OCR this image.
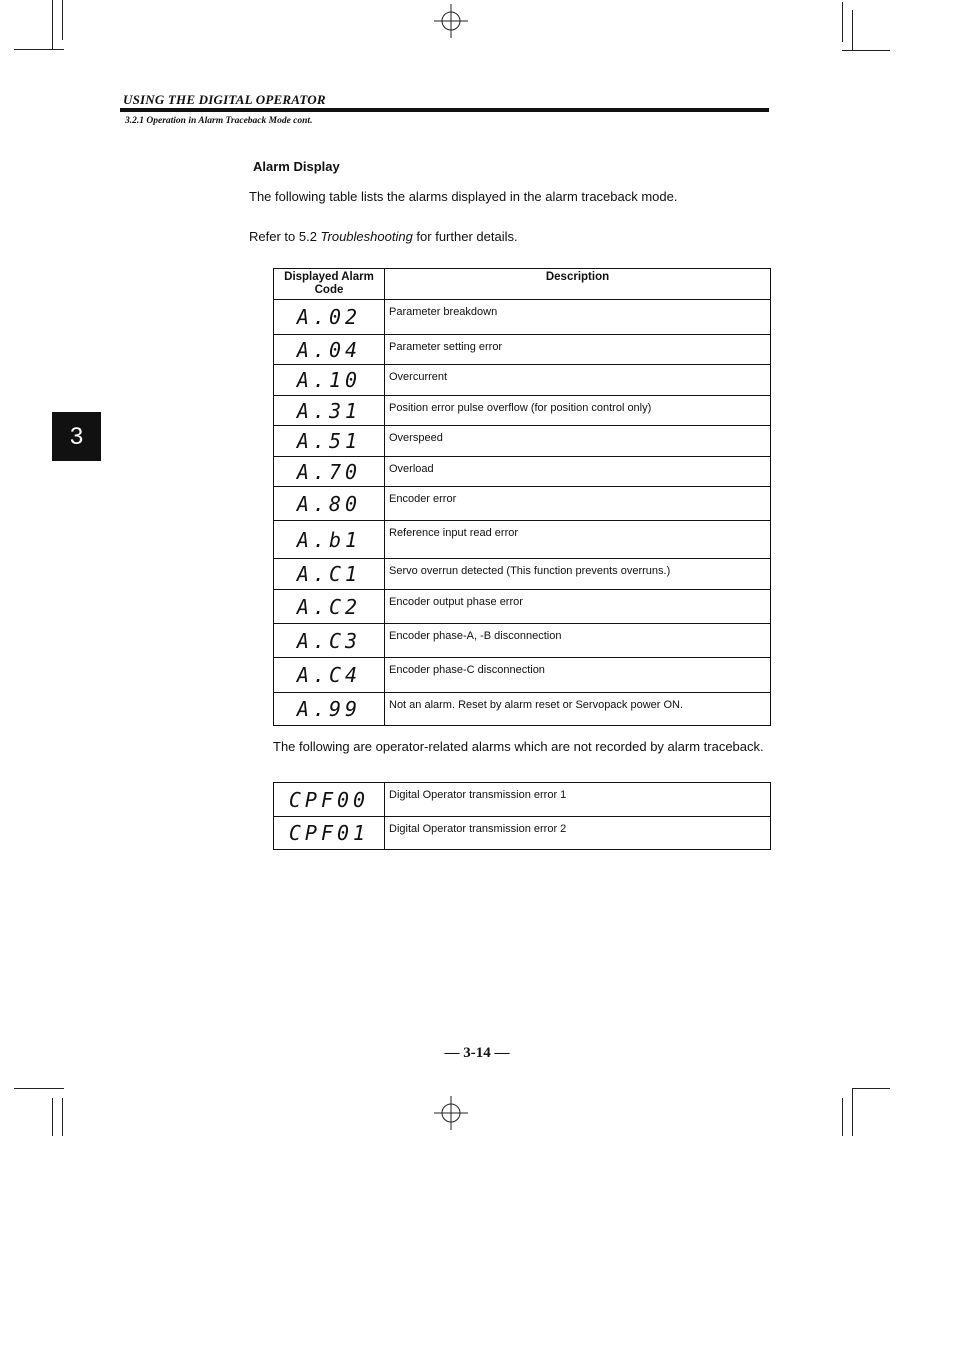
USING THE DIGITAL OPERATOR
3.2.1 Operation in Alarm Traceback Mode cont.
3
Alarm Display
The following table lists the alarms displayed in the alarm traceback mode.
Refer to 5.2 Troubleshooting for further details.
Displayed Alarm Code	Description
A.02	Parameter breakdown
A.04	Parameter setting error
A.10	Overcurrent
A.31	Position error pulse overflow (for position control only)
A.51	Overspeed
A.70	Overload
A.80	Encoder error
A.b1	Reference input read error
A.C1	Servo overrun detected (This function prevents overruns.)
A.C2	Encoder output phase error
A.C3	Encoder phase-A, -B disconnection
A.C4	Encoder phase-C disconnection
A.99	Not an alarm. Reset by alarm reset or Servopack power ON.
The following are operator-related alarms which are not recorded by alarm traceback.
CPF00	Digital Operator transmission error 1
CPF01	Digital Operator transmission error 2
— 3-14 —
